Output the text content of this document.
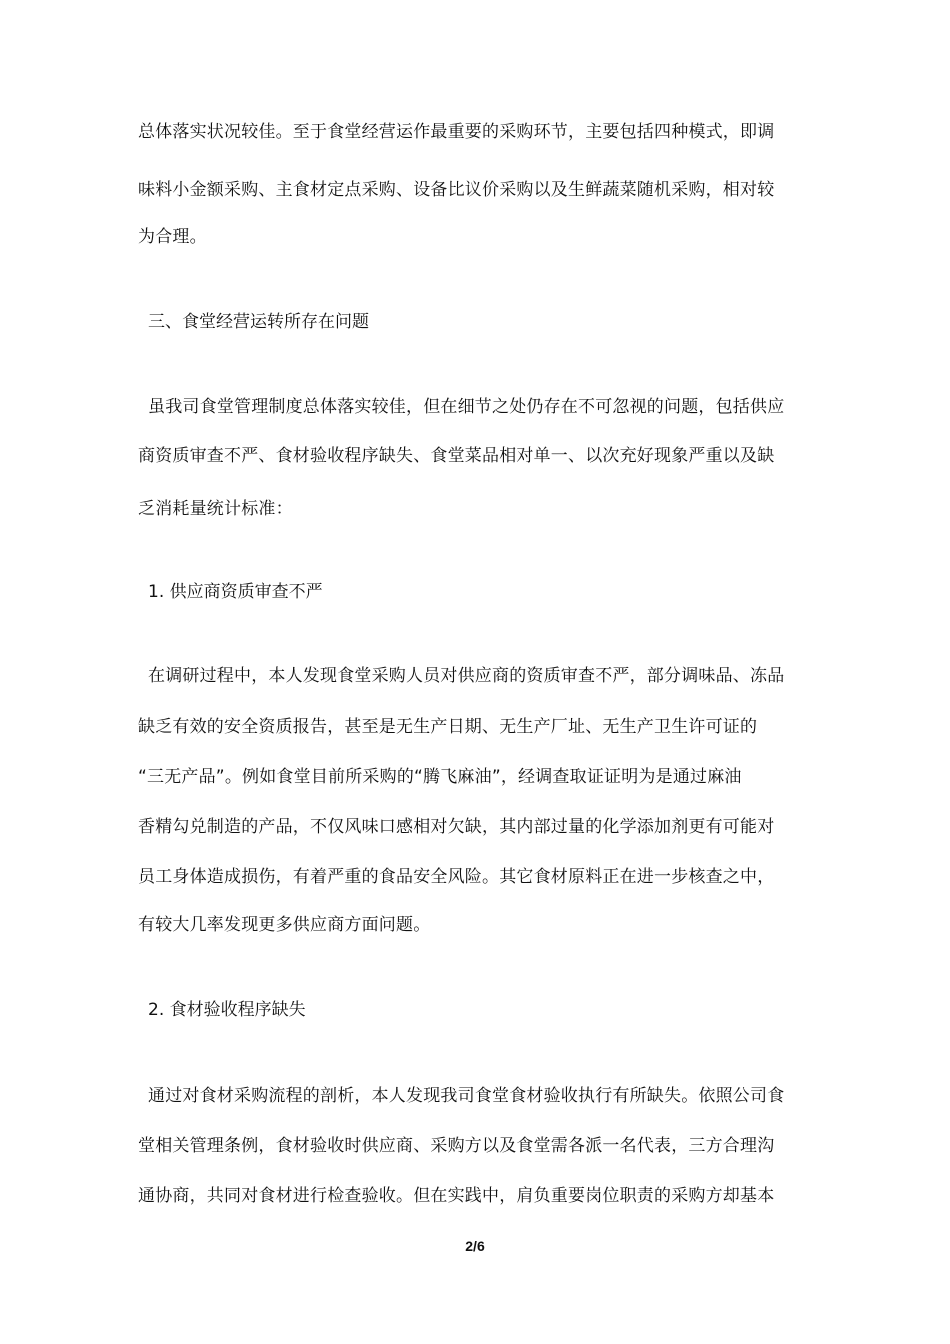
总体落实状况较佳。至于食堂经营运作最重要的采购环节，主要包括四种模式，即调
味料小金额采购、主食材定点采购、设备比议价采购以及生鲜蔬菜随机采购，相对较
为合理。
三、食堂经营运转所存在问题
虽我司食堂管理制度总体落实较佳，但在细节之处仍存在不可忽视的问题，包括供应
商资质审查不严、食材验收程序缺失、食堂菜品相对单一、以次充好现象严重以及缺
乏消耗量统计标准：
1. 供应商资质审查不严
在调研过程中，本人发现食堂采购人员对供应商的资质审查不严，部分调味品、冻品
缺乏有效的安全资质报告，甚至是无生产日期、无生产厂址、无生产卫生许可证的
“三无产品”。例如食堂目前所采购的“腾飞麻油”，经调查取证证明为是通过麻油
香精勾兑制造的产品，不仅风味口感相对欠缺，其内部过量的化学添加剂更有可能对
员工身体造成损伤，有着严重的食品安全风险。其它食材原料正在进一步核查之中，
有较大几率发现更多供应商方面问题。
2. 食材验收程序缺失
通过对食材采购流程的剖析，本人发现我司食堂食材验收执行有所缺失。依照公司食
堂相关管理条例，食材验收时供应商、采购方以及食堂需各派一名代表，三方合理沟
通协商，共同对食材进行检查验收。但在实践中，肩负重要岗位职责的采购方却基本
2/6
